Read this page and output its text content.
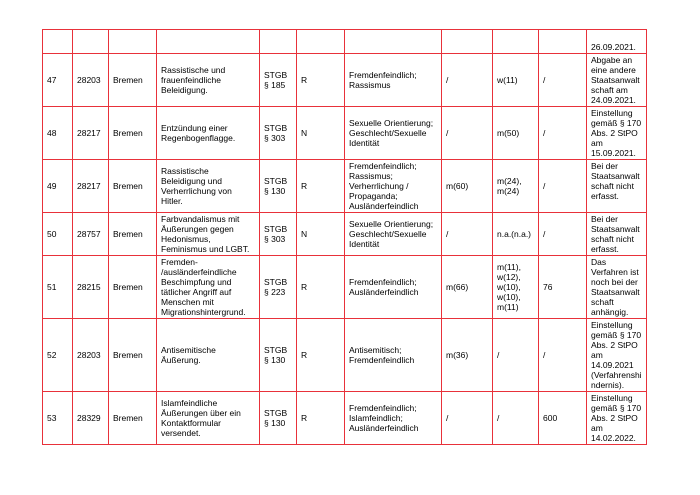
										26.09.2021.
47	28203	Bremen	Rassistische und frauenfeindliche Beleidigung.	STGB § 185	R	Fremdenfeindlich; Rassismus	/	w(11)	/	Abgabe an eine andere Staatsanwalt schaft am 24.09.2021.
48	28217	Bremen	Entzündung einer Regenbogenflagge.	STGB § 303	N	Sexuelle Orientierung; Geschlecht/Sexuelle Identität	/	m(50)	/	Einstellung gemäß § 170 Abs. 2 StPO am 15.09.2021.
49	28217	Bremen	Rassistische Beleidigung und Verherrlichung von Hitler.	STGB § 130	R	Fremdenfeindlich; Rassismus; Verherrlichung / Propaganda; Ausländerfeindlich	m(60)	m(24), m(24)	/	Bei der Staatsanwalt schaft nicht erfasst.
50	28757	Bremen	Farbvandalismus mit Äußerungen gegen Hedonismus, Feminismus und LGBT.	STGB § 303	N	Sexuelle Orientierung; Geschlecht/Sexuelle Identität	/	n.a.(n.a.)	/	Bei der Staatsanwalt schaft nicht erfasst.
51	28215	Bremen	Fremden- /ausländerfeindliche Beschimpfung und tätlicher Angriff auf Menschen mit Migrationshintergrund.	STGB § 223	R	Fremdenfeindlich; Ausländerfeindlich	m(66)	m(11), w(12), w(10), w(10), m(11)	76	Das Verfahren ist noch bei der Staatsanwalt schaft anhängig.
52	28203	Bremen	Antisemitische Äußerung.	STGB § 130	R	Antisemitisch; Fremdenfeindlich	m(36)	/	/	Einstellung gemäß § 170 Abs. 2 StPO am 14.09.2021 (Verfahrenshi ndernis).
53	28329	Bremen	Islamfeindliche Äußerungen über ein Kontaktformular versendet.	STGB § 130	R	Fremdenfeindlich; Islamfeindlich; Ausländerfeindlich	/	/	600	Einstellung gemäß § 170 Abs. 2 StPO am 14.02.2022.
